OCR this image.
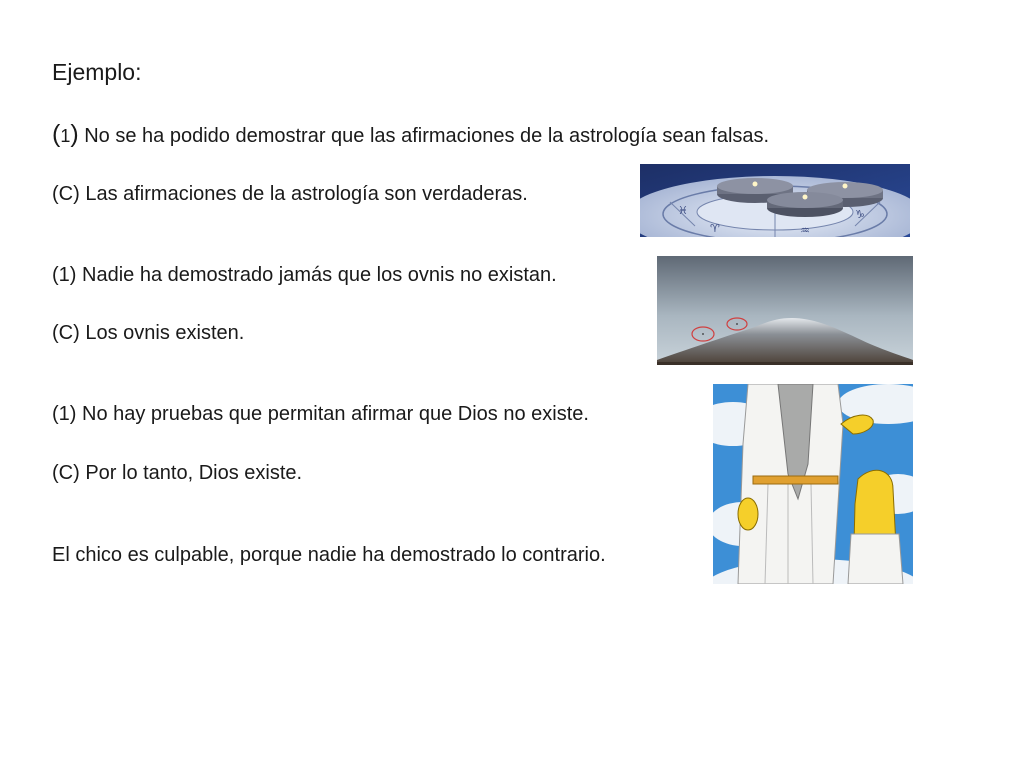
Ejemplo:
(1) No se ha podido demostrar que las afirmaciones de la astrología sean falsas.
(C) Las afirmaciones de la astrología son verdaderas.
(1) Nadie ha demostrado jamás que los ovnis no existan.
(C) Los ovnis existen.
(1) No hay pruebas que permitan afirmar que Dios no existe.
(C) Por lo tanto, Dios existe.
El chico es culpable, porque nadie ha demostrado lo contrario.
♓	♑
♒
♈
